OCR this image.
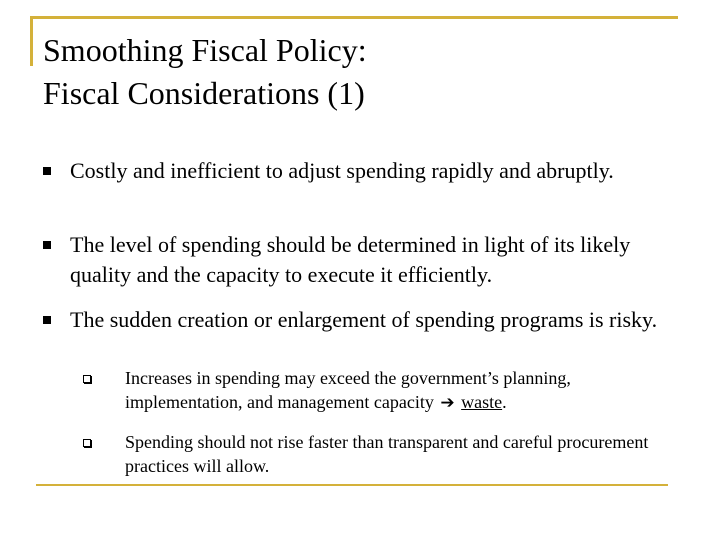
Smoothing Fiscal Policy:
Fiscal Considerations (1)
Costly and inefficient to adjust spending rapidly and abruptly.
The level of spending should be determined in light of its likely quality and the capacity to execute it efficiently.
The sudden creation or enlargement of spending programs is risky.
Increases in spending may exceed the government’s planning, implementation, and management capacity ➔ waste.
Spending should not rise faster than transparent and careful procurement practices will allow.
